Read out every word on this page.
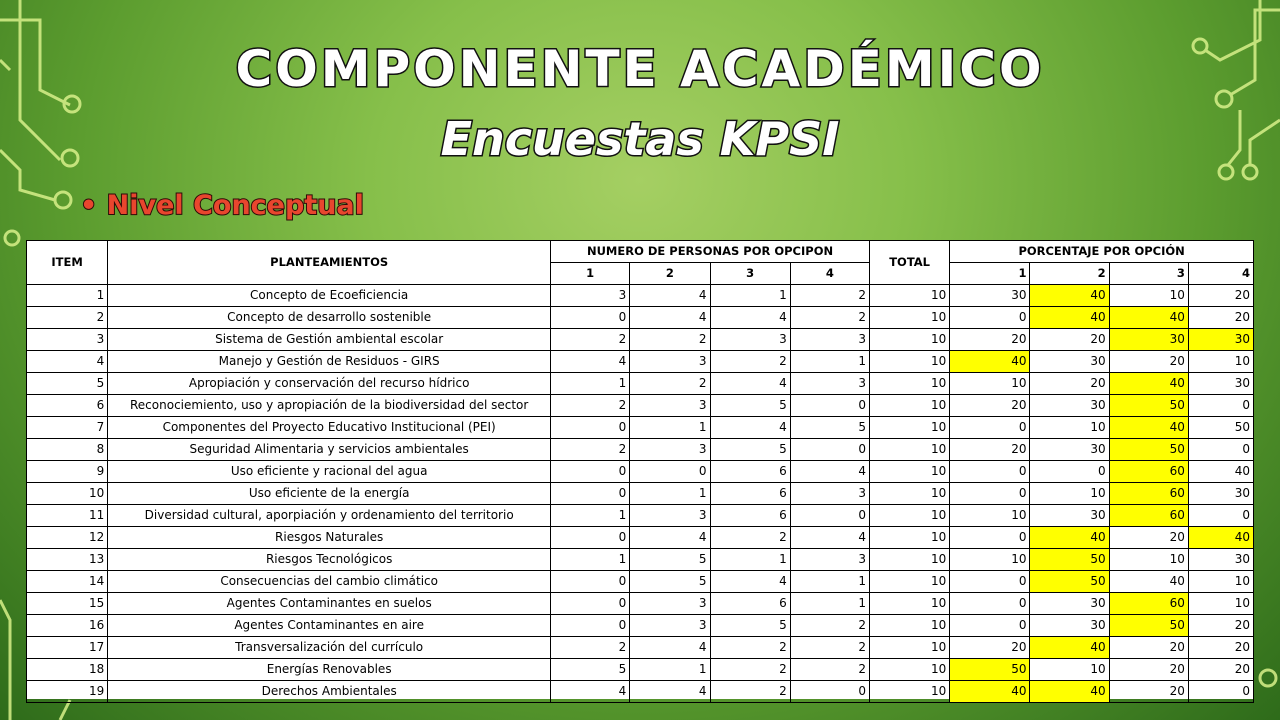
COMPONENTE ACADÉMICO
Encuestas KPSI
• Nivel Conceptual
ITEM	PLANTEAMIENTOS	NUMERO DE PERSONAS POR OPCIPON				TOTAL	PORCENTAJE POR OPCIÓN			
		1	2	3	4		1	2	3	4
1	Concepto de Ecoeficiencia	3	4	1	2	10	30	40	10	20
2	Concepto de desarrollo sostenible	0	4	4	2	10	0	40	40	20
3	Sistema de Gestión ambiental escolar	2	2	3	3	10	20	20	30	30
4	Manejo y Gestión de Residuos - GIRS	4	3	2	1	10	40	30	20	10
5	Apropiación y conservación del recurso hídrico	1	2	4	3	10	10	20	40	30
6	Reconociemiento, uso y apropiación de la biodiversidad del sector	2	3	5	0	10	20	30	50	0
7	Componentes del Proyecto Educativo Institucional (PEI)	0	1	4	5	10	0	10	40	50
8	Seguridad Alimentaria y servicios ambientales	2	3	5	0	10	20	30	50	0
9	Uso eficiente y racional del agua	0	0	6	4	10	0	0	60	40
10	Uso eficiente de la energía	0	1	6	3	10	0	10	60	30
11	Diversidad cultural, aporpiación y ordenamiento del territorio	1	3	6	0	10	10	30	60	0
12	Riesgos Naturales	0	4	2	4	10	0	40	20	40
13	Riesgos Tecnológicos	1	5	1	3	10	10	50	10	30
14	Consecuencias del cambio climático	0	5	4	1	10	0	50	40	10
15	Agentes Contaminantes en suelos	0	3	6	1	10	0	30	60	10
16	Agentes Contaminantes en aire	0	3	5	2	10	0	30	50	20
17	Transversalización del currículo	2	4	2	2	10	20	40	20	20
18	Energías Renovables	5	1	2	2	10	50	10	20	20
19	Derechos Ambientales	4	4	2	0	10	40	40	20	0
